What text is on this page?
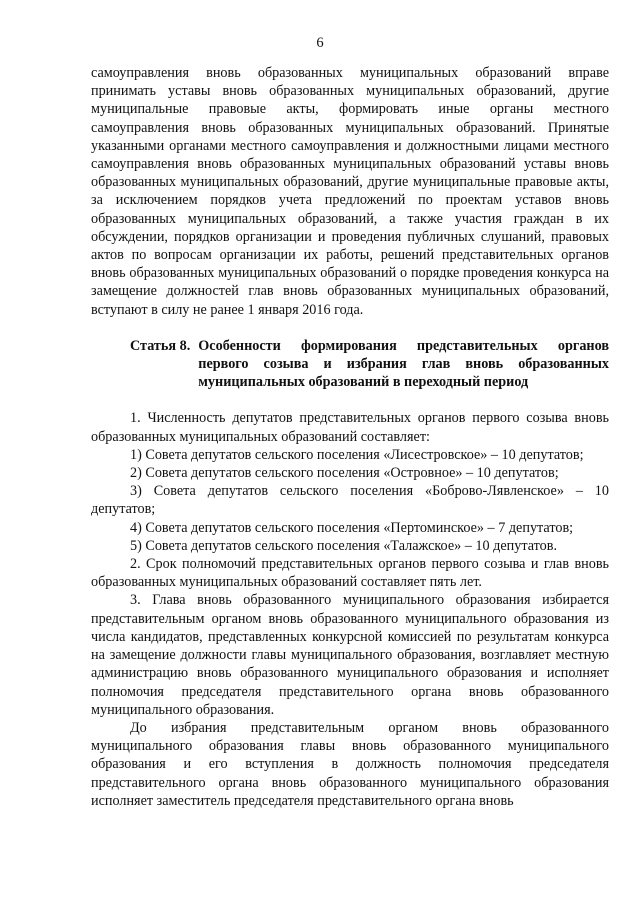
6

самоуправления вновь образованных муниципальных образований вправе принимать уставы вновь образованных муниципальных образований, другие муниципальные правовые акты, формировать иные органы местного самоуправления вновь образованных муниципальных образований. Принятые указанными органами местного самоуправления и должностными лицами местного самоуправления вновь образованных муниципальных образований уставы вновь образованных муниципальных образований, другие муниципальные правовые акты, за исключением порядков учета предложений по проектам уставов вновь образованных муниципальных образований, а также участия граждан в их обсуждении, порядков организации и проведения публичных слушаний, правовых актов по вопросам организации их работы, решений представительных органов вновь образованных муниципальных образований о порядке проведения конкурса на замещение должностей глав вновь образованных муниципальных образований, вступают в силу не ранее 1 января 2016 года.

Статья 8. Особенности формирования представительных органов первого созыва и избрания глав вновь образованных муниципальных образований в переходный период

1. Численность депутатов представительных органов первого созыва вновь образованных муниципальных образований составляет:

1) Совета депутатов сельского поселения «Лисестровское» – 10 депутатов;

2) Совета депутатов сельского поселения «Островное» – 10 депутатов;

3) Совета депутатов сельского поселения «Боброво-Лявленское» – 10 депутатов;

4) Совета депутатов сельского поселения «Пертоминское» – 7 депутатов;

5) Совета депутатов сельского поселения «Талажское» – 10 депутатов.

2. Срок полномочий представительных органов первого созыва и глав вновь образованных муниципальных образований составляет пять лет.

3. Глава вновь образованного муниципального образования избирается представительным органом вновь образованного муниципального образования из числа кандидатов, представленных конкурсной комиссией по результатам конкурса на замещение должности главы муниципального образования, возглавляет местную администрацию вновь образованного муниципального образования и исполняет полномочия председателя представительного органа вновь образованного муниципального образования.

До избрания представительным органом вновь образованного муниципального образования главы вновь образованного муниципального образования и его вступления в должность полномочия председателя представительного органа вновь образованного муниципального образования исполняет заместитель председателя представительного органа вновь
